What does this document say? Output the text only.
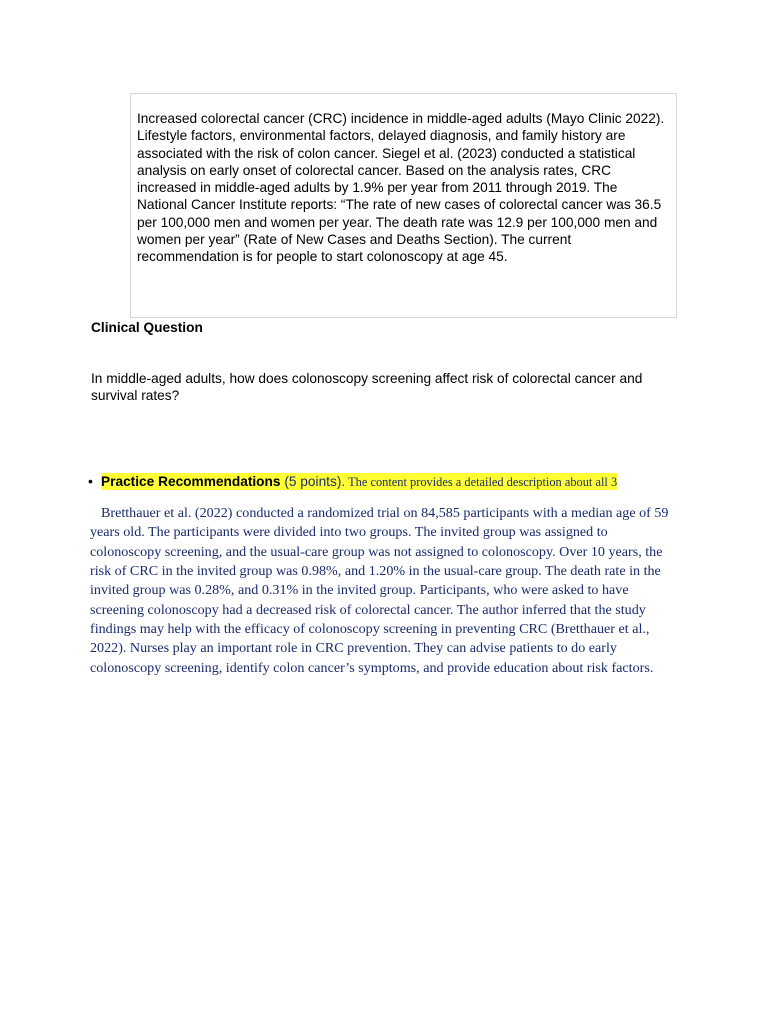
Increased colorectal cancer (CRC) incidence in middle-aged adults (Mayo Clinic 2022). Lifestyle factors, environmental factors, delayed diagnosis, and family history are associated with the risk of colon cancer. Siegel et al. (2023) conducted a statistical analysis on early onset of colorectal cancer. Based on the analysis rates, CRC increased in middle-aged adults by 1.9% per year from 2011 through 2019. The National Cancer Institute reports: “The rate of new cases of colorectal cancer was 36.5 per 100,000 men and women per year. The death rate was 12.9 per 100,000 men and women per year” (Rate of New Cases and Deaths Section). The current recommendation is for people to start colonoscopy at age 45.
Clinical Question
In middle-aged adults, how does colonoscopy screening affect risk of colorectal cancer and survival rates?
• Practice Recommendations (5 points). The content provides a detailed description about all 3
Bretthauer et al. (2022) conducted a randomized trial on 84,585 participants with a median age of 59 years old. The participants were divided into two groups. The invited group was assigned to colonoscopy screening, and the usual-care group was not assigned to colonoscopy. Over 10 years, the risk of CRC in the invited group was 0.98%, and 1.20% in the usual-care group. The death rate in the invited group was 0.28%, and 0.31% in the invited group. Participants, who were asked to have screening colonoscopy had a decreased risk of colorectal cancer. The author inferred that the study findings may help with the efficacy of colonoscopy screening in preventing CRC (Bretthauer et al., 2022). Nurses play an important role in CRC prevention. They can advise patients to do early colonoscopy screening, identify colon cancer’s symptoms, and provide education about risk factors.
